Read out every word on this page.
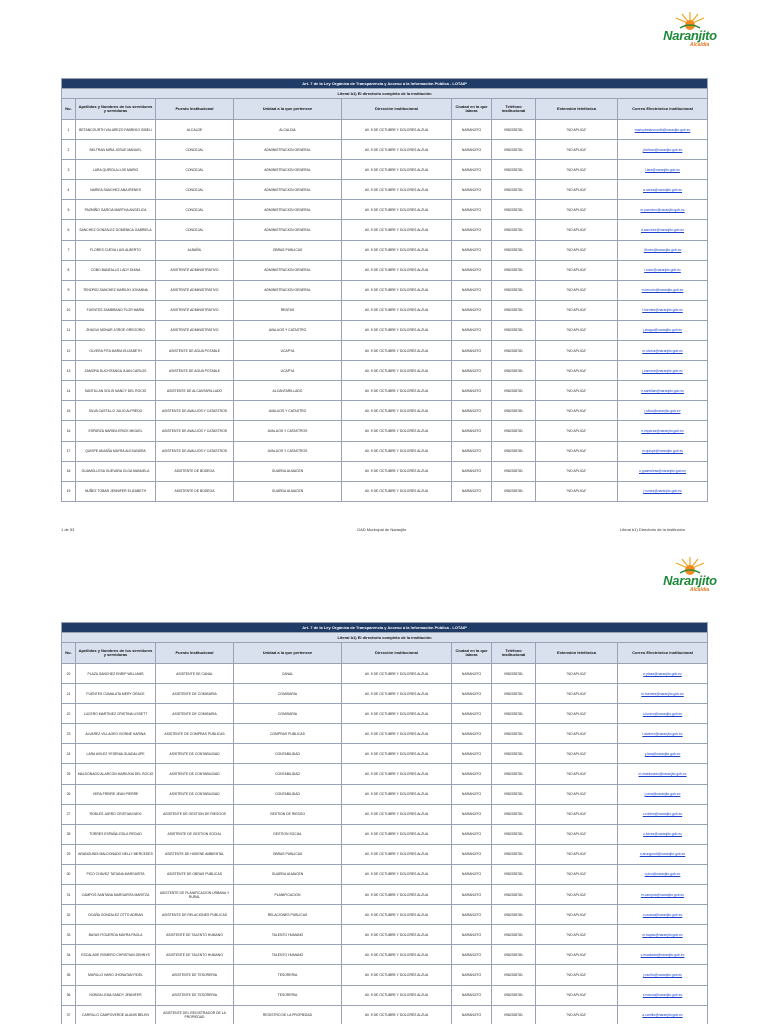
Naranjito
Alcaldía
Art. 7 de la Ley Orgánica de Transparencia y Acceso a la Información Pública - LOTAIP								
Literal b1) El directorio completo de la institución								
No.	Apellidos y Nombres de los servidores y servidoras	Puesto Institucional	Unidad a la que pertenece	Dirección institucional	Ciudad en la que labora	Teléfono institucional	Extensión telefónica	Correo Electrónico institucional
1	BETANCOURTH VALAREZO FABRIXIO GIBELI	ALCALDE	ALCALDIA	AV. 9 DE OCTUBRE Y DOLORES ALZUA	NARANJITO	0982335781	"NO APLICA"	marioybetancourth@naranjito.gob.ec
2	BELTRAN MIRA JOSUE MANUEL	CONCEJAL	ADMINISTRACION GENERAL	AV. 9 DE OCTUBRE Y DOLORES ALZUA	NARANJITO	0982335781	"NO APLICA"	j.beltran@naranjito.gob.ec
3	LARA QUIROLA LUIS MARIO	CONCEJAL	ADMINISTRACION GENERAL	AV. 9 DE OCTUBRE Y DOLORES ALZUA	NARANJITO	0982335781	"NO APLICA"	l.lara@naranjito.gob.ec
4	NARIEA SANCHEZ ANA IRENES	CONCEJAL	ADMINISTRACION GENERAL	AV. 9 DE OCTUBRE Y DOLORES ALZUA	NARANJITO	0982335781	"NO APLICA"	a.narea@naranjito.gob.ec
5	PAZMIÑO GARCIA MARTHA ANGELICA	CONCEJAL	ADMINISTRACION GENERAL	AV. 9 DE OCTUBRE Y DOLORES ALZUA	NARANJITO	0982335781	"NO APLICA"	m.pazmino@naranjito.gob.ec
6	SANCHEZ GONZALEZ DOMENICA GABRIELA	CONCEJAL	ADMINISTRACION GENERAL	AV. 9 DE OCTUBRE Y DOLORES ALZUA	NARANJITO	0982335781	"NO APLICA"	d.sanchez@naranjito.gob.ec
7	FLORES CUEVA LUIS ALBERTO	ALBAÑIL	OBRAS PUBLICAS	AV. 9 DE OCTUBRE Y DOLORES ALZUA	NARANJITO	0982335781	"NO APLICA"	l.flores@naranjito.gob.ec
8	COBO BANZALLO LADY DIANA	ASISTENTE ADMINISTRATIVO	ADMINISTRACION GENERAL	AV. 9 DE OCTUBRE Y DOLORES ALZUA	NARANJITO	0982335781	"NO APLICA"	l.cobo@naranjito.gob.ec
9	TENORIO SANCHEZ MARIUXI JOHANNA	ASISTENTE ADMINISTRATIVO	ADMINISTRACION GENERAL	AV. 9 DE OCTUBRE Y DOLORES ALZUA	NARANJITO	0982335781	"NO APLICA"	m.tenorio@naranjito.gob.ec
10	FUENTES ZAMBRANO FLOR MARIA	ASISTENTE ADMINISTRATIVO	RENTAS	AV. 9 DE OCTUBRE Y DOLORES ALZUA	NARANJITO	0982335781	"NO APLICA"	f.fuentes@naranjito.gob.ec
11	ZHAGUI MONAR JORGE GREGORIO	ASISTENTE ADMINISTRATIVO	AVALUOS Y CATASTRO	AV. 9 DE OCTUBRE Y DOLORES ALZUA	NARANJITO	0982335781	"NO APLICA"	j.zhagui@naranjito.gob.ec
12	OLVERA PITA MARIA ELIZABETH	ASISTENTE DE AGUA POTABLE	UCAPYA	AV. 9 DE OCTUBRE Y DOLORES ALZUA	NARANJITO	0982335781	"NO APLICA"	m.olvera@naranjito.gob.ec
13	ZAMORA DUCHITANGA JUAN CARLOS	ASISTENTE DE AGUA POTABLE	UCAPYA	AV. 9 DE OCTUBRE Y DOLORES ALZUA	NARANJITO	0982335781	"NO APLICA"	j.zamora@naranjito.gob.ec
14	SANTILLAN SOLIS NANCY DEL ROCIO	ASISTENTE DE ALCANTARILLADO	ALCANTARILLADO	AV. 9 DE OCTUBRE Y DOLORES ALZUA	NARANJITO	0982335781	"NO APLICA"	n.santillan@naranjito.gob.ec
15	SILVA CASTILLO JULIO ALFREDO	ASISTENTE DE AVALUOS Y CATASTROS	AVALUOS Y CATASTRO	AV. 9 DE OCTUBRE Y DOLORES ALZUA	NARANJITO	0982335781	"NO APLICA"	j.silva@naranjito.gob.ec
16	ESPARZA NARIEA ERICK MIGUEL	ASISTENTE DE AVALUOS Y CATASTROS	AVALUOS Y CATASTROS	AV. 9 DE OCTUBRE Y DOLORES ALZUA	NARANJITO	0982335781	"NO APLICA"	e.esparza@naranjito.gob.ec
17	QUISPE ANJAÑA MAYRA ALEXANDRA	ASISTENTE DE AVALUOS Y CATASTROS	AVALUOS Y CATASTROS	AV. 9 DE OCTUBRE Y DOLORES ALZUA	NARANJITO	0982335781	"NO APLICA"	m.quispe@naranjito.gob.ec
18	GUAMOLLESA GUEVARA OLGA MANUELA	ASISTENTE DE BODEGA	GUARDA ALMACEN	AV. 9 DE OCTUBRE Y DOLORES ALZUA	NARANJITO	0982335781	"NO APLICA"	o.guamolesa@naranjito.gob.ec
19	NUÑEZ TOBAR JENNIFER ELIZABETH	ASISTENTE DE BODEGA	GUARDA ALMACEN	AV. 9 DE OCTUBRE Y DOLORES ALZUA	NARANJITO	0982335781	"NO APLICA"	j.nunez@naranjito.gob.ec
1 de 53	GAD Municipal de Naranjito	Literal b1) Directorio de la Institución
Naranjito
Alcaldía
Art. 7 de la Ley Orgánica de Transparencia y Acceso a la Información Pública - LOTAIP								
Literal b1) El directorio completo de la institución								
No.	Apellidos y Nombres de los servidores y servidoras	Puesto Institucional	Unidad a la que pertenece	Dirección institucional	Ciudad en la que labora	Teléfono institucional	Extensión telefónica	Correo Electrónico institucional
20	PLAZA SANCHEZ ENRIP WILLIAMS	ASISTENTE DE CANAL	CANAL	AV. 9 DE OCTUBRE Y DOLORES ALZUA	NARANJITO	0982335781	"NO APLICA"	e.plaza@naranjito.gob.ec
21	FUENTES CUMALATA MERY GRACE	ASISTENTE DE COMISARIA	COMISARIA	AV. 9 DE OCTUBRE Y DOLORES ALZUA	NARANJITO	0982335781	"NO APLICA"	m.fuentes@naranjito.gob.ec
22	LUCERO MARTINEZ CRISTINA LISSETT	ASISTENTE DE COMISARIA	COMISARIA	AV. 9 DE OCTUBRE Y DOLORES ALZUA	NARANJITO	0982335781	"NO APLICA"	c.lucero@naranjito.gob.ec
23	ALVAREZ VILLAGEO IVONNE KARINA	ASISTENTE DE COMPRAS PUBLICAS	COMPRAS PUBLICAS	AV. 9 DE OCTUBRE Y DOLORES ALZUA	NARANJITO	0982335781	"NO APLICA"	i.alvarez@naranjito.gob.ec
24	LARA AVILEZ YESENIA GUADALUPE	ASISTENTE DE CONTABILIDAD	CONTABILIDAD	AV. 9 DE OCTUBRE Y DOLORES ALZUA	NARANJITO	0982335781	"NO APLICA"	y.lara@naranjito.gob.ec
25	MALDONADO ALARCON MARIUXIA DEL ROCIO	ASISTENTE DE CONTABILIDAD	CONTABILIDAD	AV. 9 DE OCTUBRE Y DOLORES ALZUA	NARANJITO	0982335781	"NO APLICA"	m.maldonado@naranjito.gob.ec
26	VERA FREIRE JEAN PIERRE	ASISTENTE DE CONTABILIDAD	CONTABILIDAD	AV. 9 DE OCTUBRE Y DOLORES ALZUA	NARANJITO	0982335781	"NO APLICA"	j.vera@naranjito.gob.ec
27	ROBLES JARRO CRISTIAN NEXI	ASISTENTE DE GESTION DE RIESGOS	GESTION DE RIESGO	AV. 9 DE OCTUBRE Y DOLORES ALZUA	NARANJITO	0982335781	"NO APLICA"	c.robles@naranjito.gob.ec
28	TORRES ESPAÑA ZOILA PIEDAD	ASISTENTE DE GESTION SOCIAL	GESTION SOCIAL	AV. 9 DE OCTUBRE Y DOLORES ALZUA	NARANJITO	0982335781	"NO APLICA"	z.torres@naranjito.gob.ec
29	ARANGUNDI MALDONADO NELLY MERCEDES	ASISTENTE DE HIGIENE AMBIENTAL	OBRAS PUBLICAS	AV. 9 DE OCTUBRE Y DOLORES ALZUA	NARANJITO	0982335781	"NO APLICA"	n.arungundi@naranjito.gob.ec
30	PICO CHAVEZ TATIANA MARGARITA	ASISTENTE DE OBRAS PUBLICAS	GUARDA ALMACEN	AV. 9 DE OCTUBRE Y DOLORES ALZUA	NARANJITO	0982335781	"NO APLICA"	t.pico@naranjito.gob.ec
31	CAMPOS SANTANA MARGARITA MARITZA	ASISTENTE DE PLANIFICACION URBANA Y RURAL	PLANIFICACION	AV. 9 DE OCTUBRE Y DOLORES ALZUA	NARANJITO	0982335781	"NO APLICA"	m.campos@naranjito.gob.ec
32	OCAÑA GONZALEZ OTTO ADRIAN	ASISTENTE DE RELACIONES PUBLICAS	RELACIONES PUBLICAS	AV. 9 DE OCTUBRE Y DOLORES ALZUA	NARANJITO	0982335781	"NO APLICA"	o.ocana@naranjito.gob.ec
33	BAYAS FIGUEROA MAYRA PAOLA	ASISTENTE DE TALENTO HUMANO	TALENTO HUMANO	AV. 9 DE OCTUBRE Y DOLORES ALZUA	NARANJITO	0982335781	"NO APLICA"	m.bayas@naranjito.gob.ec
34	ESCALADE ROMERO CHRISTIAN DENNYS	ASISTENTE DE TALENTO HUMANO	TALENTO HUMANO	AV. 9 DE OCTUBRE Y DOLORES ALZUA	NARANJITO	0982335781	"NO APLICA"	c.escalada@naranjito.gob.ec
35	MURILLO HARO JHONATAN FIDEL	ASISTENTE DE TESORERIA	TESORERIA	AV. 9 DE OCTUBRE Y DOLORES ALZUA	NARANJITO	0982335781	"NO APLICA"	j.murillo@naranjito.gob.ec
36	NOBOA LEMA SANDY JENNIFER	ASISTENTE DE TESORERIA	TESORERIA	AV. 9 DE OCTUBRE Y DOLORES ALZUA	NARANJITO	0982335781	"NO APLICA"	s.noboa@naranjito.gob.ec
37	CARRILLO CAMPOVERDE ALANIS BELEN	ASISTENTE DEL REGISTRADOR DE LA PROPIEDAD	REGISTRO DE LA PROPIEDAD	AV. 9 DE OCTUBRE Y DOLORES ALZUA	NARANJITO	0982335781	"NO APLICA"	a.carrillo@naranjito.gob.ec
